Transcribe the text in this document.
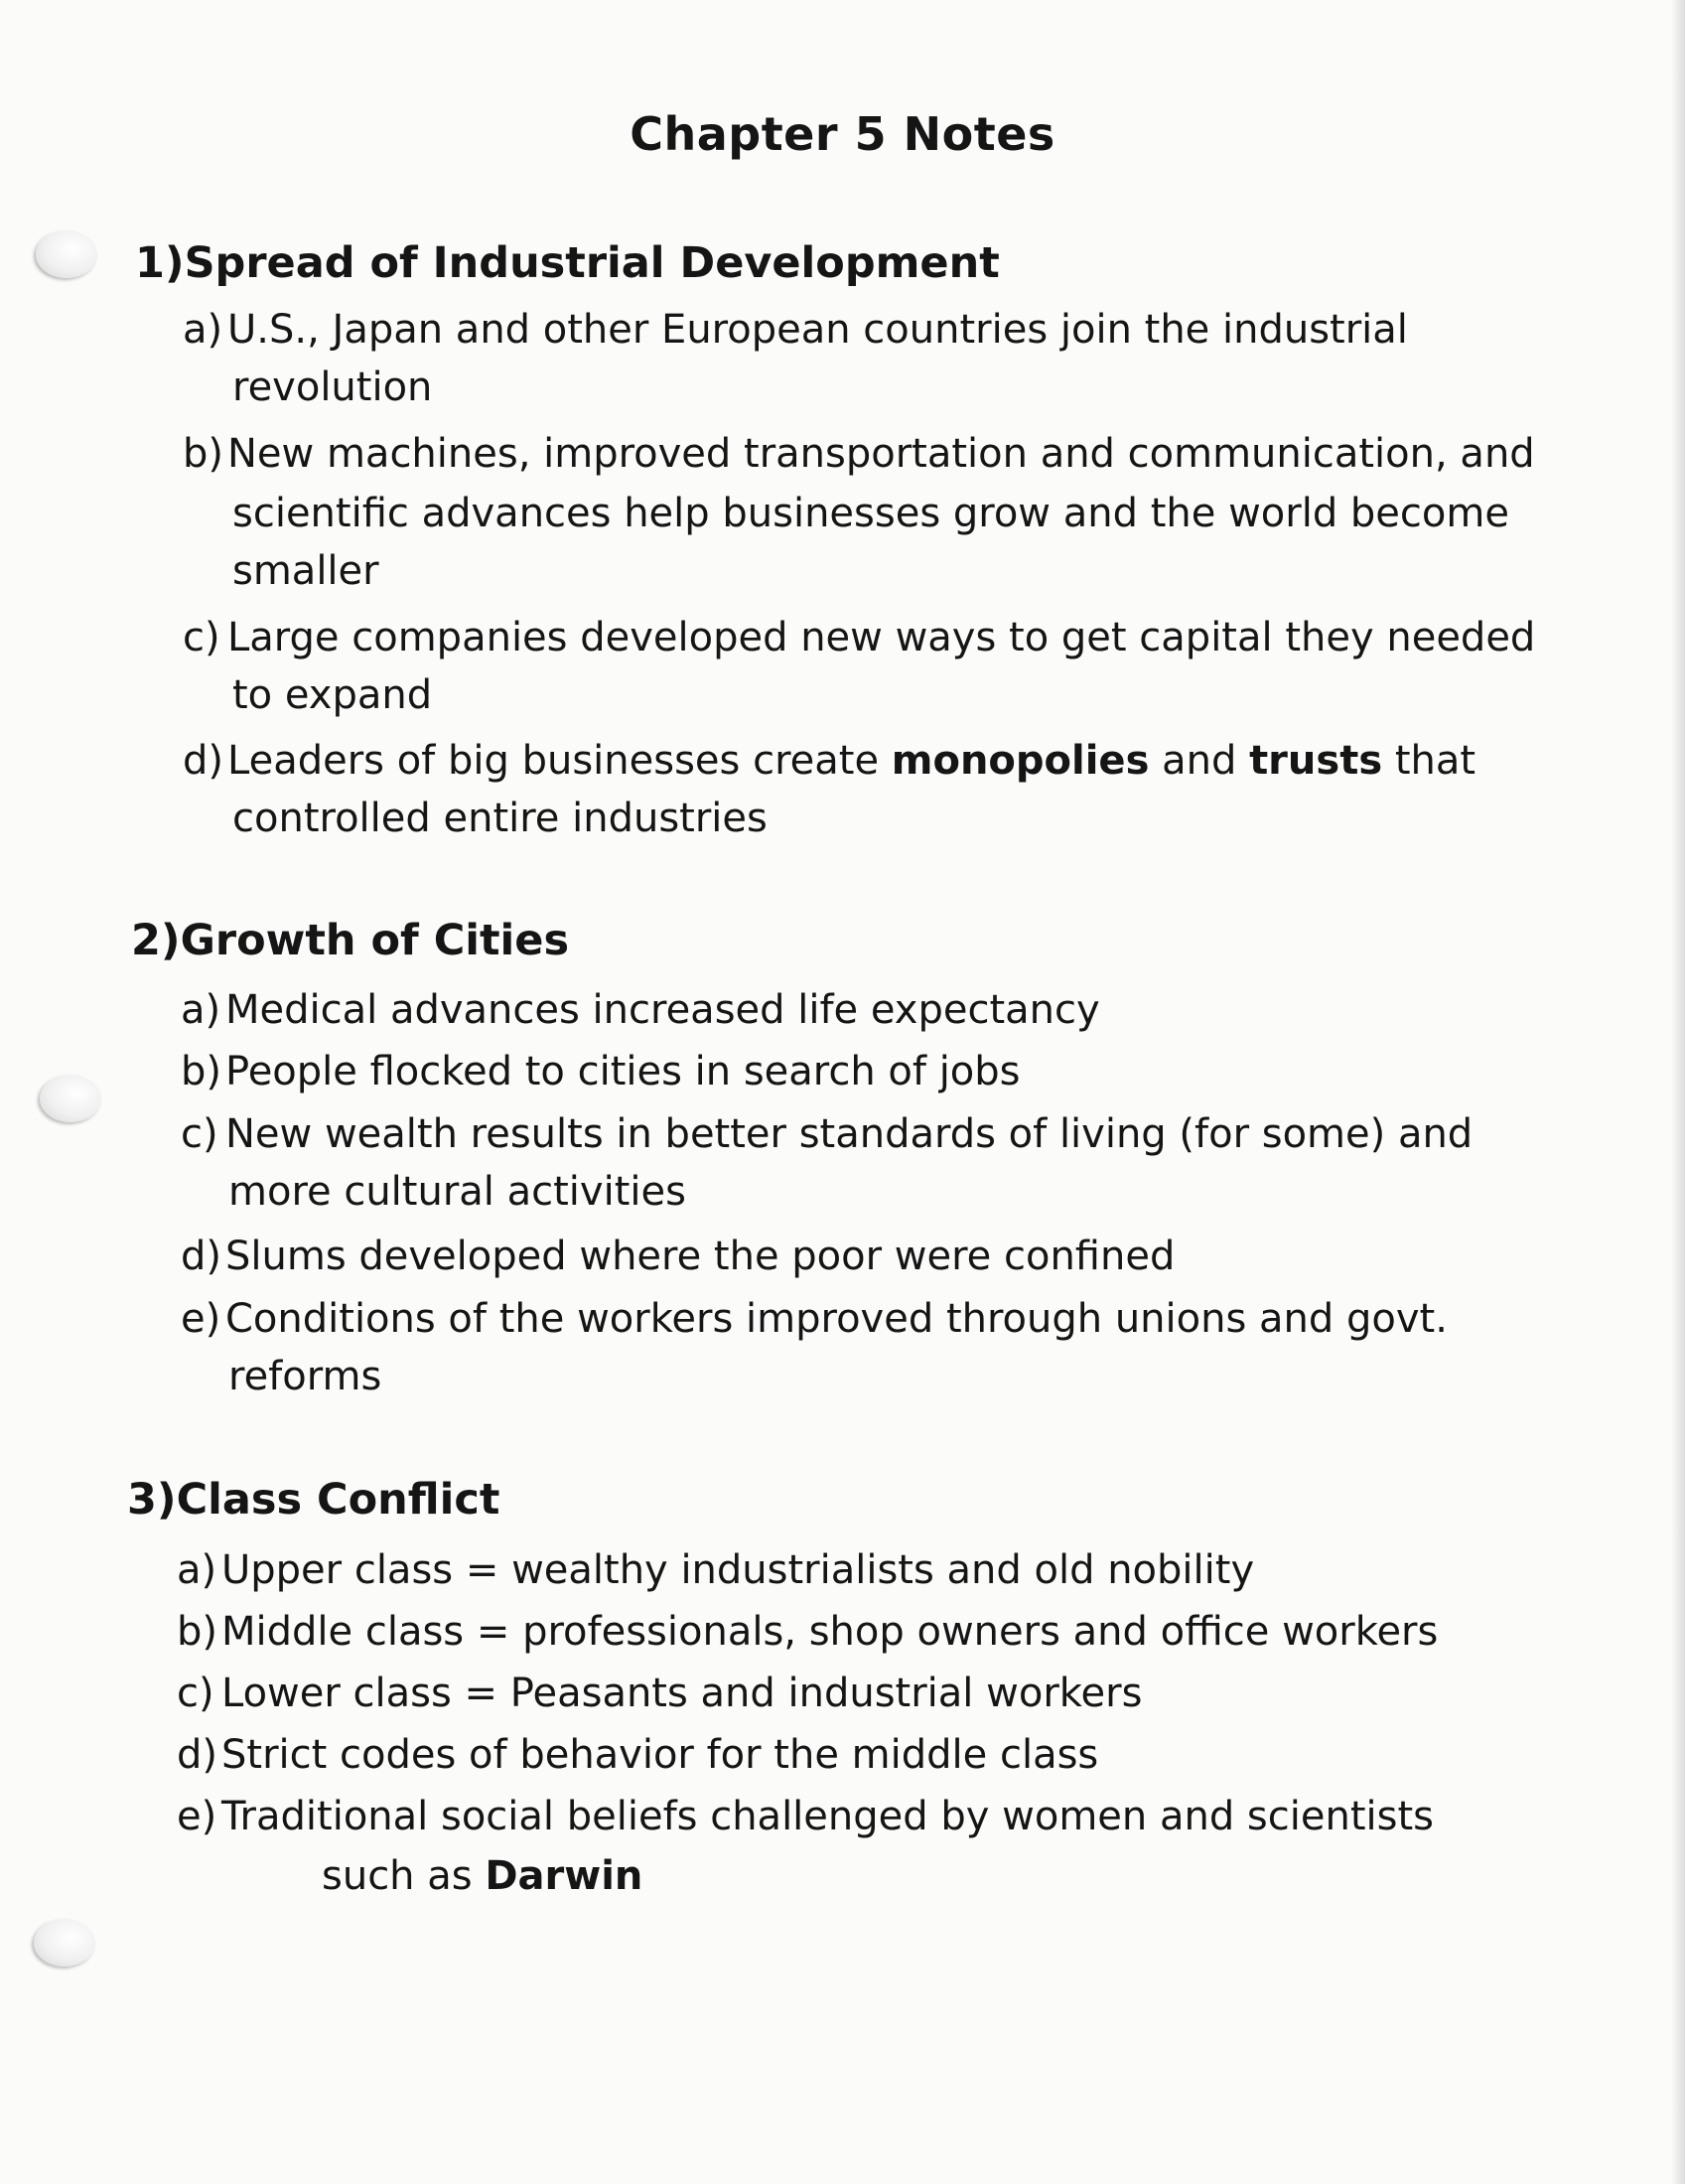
Chapter 5 Notes
1)Spread of Industrial Development
a) U.S., Japan and other European countries join the industrial
revolution
b) New machines, improved transportation and communication, and
scientific advances help businesses grow and the world become
smaller
c) Large companies developed new ways to get capital they needed
to expand
d) Leaders of big businesses create monopolies and trusts that
controlled entire industries
2)Growth of Cities
a) Medical advances increased life expectancy
b) People flocked to cities in search of jobs
c) New wealth results in better standards of living (for some) and
more cultural activities
d) Slums developed where the poor were confined
e) Conditions of the workers improved through unions and govt.
reforms
3)Class Conflict
a) Upper class = wealthy industrialists and old nobility
b) Middle class = professionals, shop owners and office workers
c) Lower class = Peasants and industrial workers
d) Strict codes of behavior for the middle class
e) Traditional social beliefs challenged by women and scientists
such as Darwin
